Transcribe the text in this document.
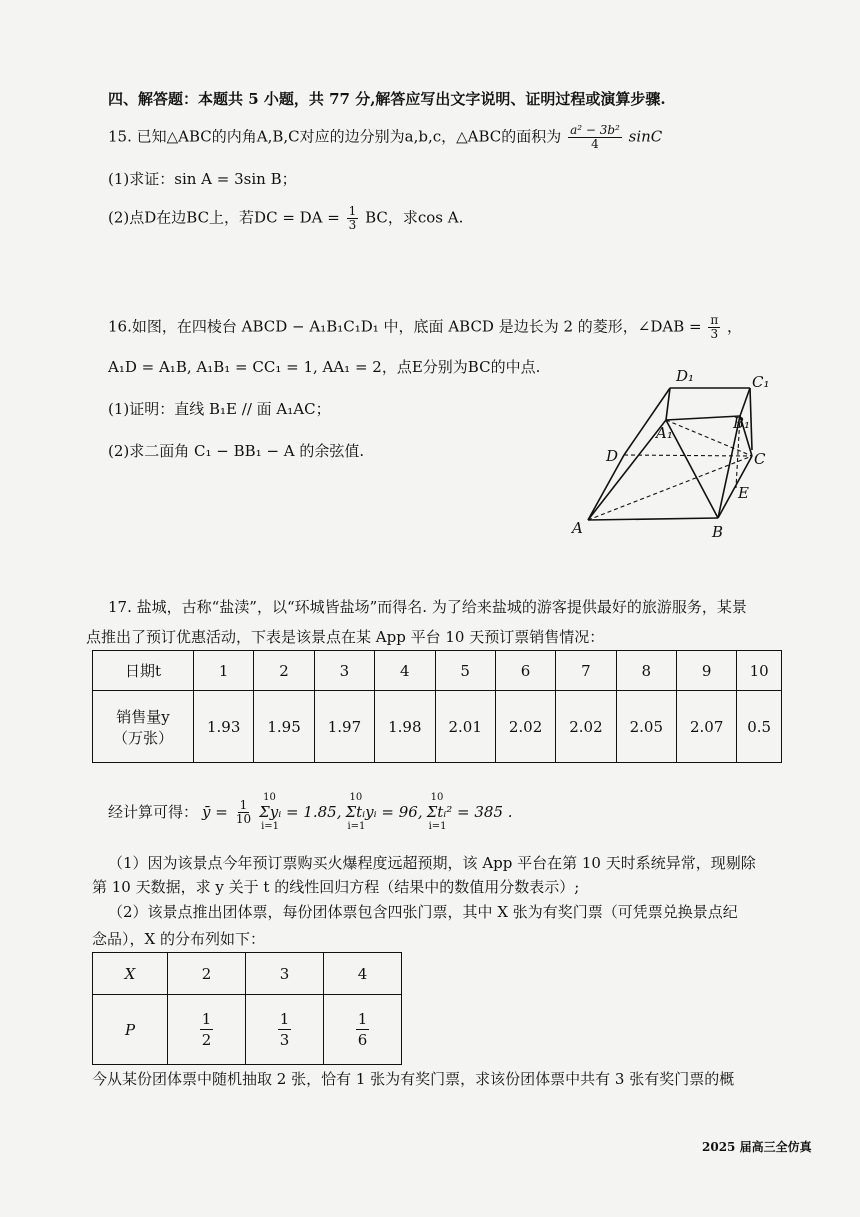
四、解答题：本题共 5 小题，共 77 分,解答应写出文字说明、证明过程或演算步骤.
15. 已知△ABC的内角A,B,C对应的边分别为a,b,c，△ABC的面积为 $\frac{\text{a² − 3b²}}{4}$ sinC
(1)求证：sin A = 3sin B；
(2)点D在边BC上，若DC = DA = $\frac{1}{3}$ BC，求cos A.
16.如图，在四棱台 ABCD − A₁B₁C₁D₁ 中，底面 ABCD 是边长为 2 的菱形，∠DAB = $\frac{\pi}{3}$ ，
A₁D = A₁B, A₁B₁ = CC₁ = 1, AA₁ = 2，点E分别为BC的中点.
(1)证明：直线 B₁E // 面 A₁AC；
(2)求二面角 C₁ − BB₁ − A 的余弦值.
D₁	C₁
A₁
B₁
D	C
E
A	B
17. 盐城，古称“盐渎”，以“环城皆盐场”而得名. 为了给来盐城的游客提供最好的旅游服务，某景
点推出了预订优惠活动，下表是该景点在某 App 平台 10 天预订票销售情况：
日期t	1	2	3	4	5	6	7	8	9	10

销售量y
（万张）	1.93	1.95	1.97	1.98	2.01	2.02	2.02	2.05	2.07	0.5
经计算可得： ȳ = $\frac{1}{10}$
10
Σyᵢ = 1.85,
i=1
10
Σtᵢyᵢ = 96,
i=1
10
Σtᵢ² = 385 .
i=1
（1）因为该景点今年预订票购买火爆程度远超预期，该 App 平台在第 10 天时系统异常，现剔除
第 10 天数据，求 y 关于 t 的线性回归方程（结果中的数值用分数表示）;
（2）该景点推出团体票，每份团体票包含四张门票，其中 X 张为有奖门票（可凭票兑换景点纪
念品），X 的分布列如下：
X	2	3	4
P	$\frac{1}{2}$	$\frac{1}{3}$	$\frac{1}{6}$
今从某份团体票中随机抽取 2 张，恰有 1 张为有奖门票，求该份团体票中共有 3 张有奖门票的概
2025 届高三全仿真
